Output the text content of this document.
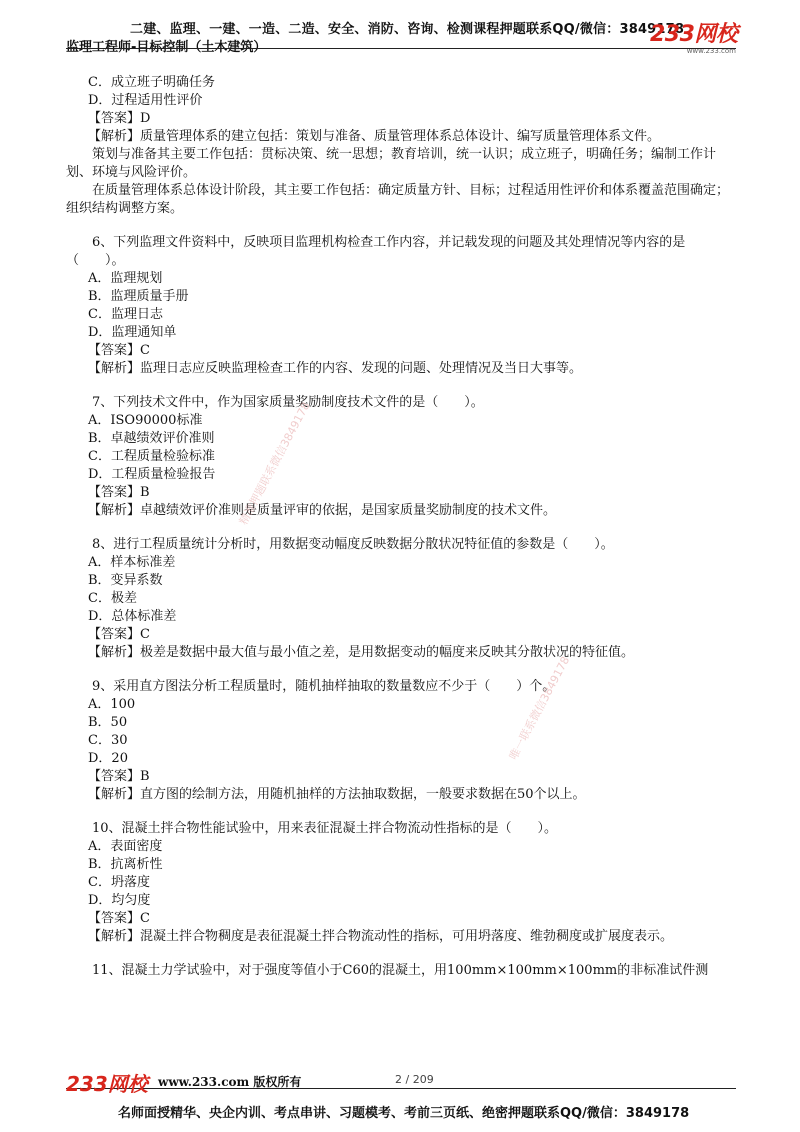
二建、监理、一建、一造、二造、安全、消防、咨询、检测课程押题联系QQ/微信：3849178
监理工程师-目标控制（土木建筑）
233网校
www.233.com

C．成立班子明确任务

D．过程适用性评价

【答案】D

【解析】质量管理体系的建立包括：策划与准备、质量管理体系总体设计、编写质量管理体系文件。

策划与准备其主要工作包括：贯标决策、统一思想；教育培训，统一认识；成立班子，明确任务；编制工作计划、环境与风险评价。

在质量管理体系总体设计阶段，其主要工作包括：确定质量方针、目标；过程适用性评价和体系覆盖范围确定；组织结构调整方案。

6、下列监理文件资料中，反映项目监理机构检查工作内容，并记载发现的问题及其处理情况等内容的是（　　）。

A．监理规划

B．监理质量手册

C．监理日志

D．监理通知单

【答案】C

【解析】监理日志应反映监理检查工作的内容、发现的问题、处理情况及当日大事等。

7、下列技术文件中，作为国家质量奖励制度技术文件的是（　　）。

A．ISO90000标准

B．卓越绩效评价准则

C．工程质量检验标准

D．工程质量检验报告

【答案】B

【解析】卓越绩效评价准则是质量评审的依据，是国家质量奖励制度的技术文件。

8、进行工程质量统计分析时，用数据变动幅度反映数据分散状况特征值的参数是（　　）。

A．样本标准差

B．变异系数

C．极差

D．总体标准差

【答案】C

【解析】极差是数据中最大值与最小值之差，是用数据变动的幅度来反映其分散状况的特征值。

9、采用直方图法分析工程质量时，随机抽样抽取的数量数应不少于（　　）个。

A．100

B．50

C．30

D．20

【答案】B

【解析】直方图的绘制方法，用随机抽样的方法抽取数据，一般要求数据在50个以上。

10、混凝土拌合物性能试验中，用来表征混凝土拌合物流动性指标的是（　　）。

A．表面密度

B．抗离析性

C．坍落度

D．均匀度

【答案】C

【解析】混凝土拌合物稠度是表征混凝土拌合物流动性的指标，可用坍落度、维勃稠度或扩展度表示。

11、混凝土力学试验中，对于强度等值小于C60的混凝土，用100mm×100mm×100mm的非标准试件测

精准押题联系微信3849178
唯一联系微信3849178
233网校 www.233.com 版权所有	2 / 209
名师面授精华、央企内训、考点串讲、习题模考、考前三页纸、绝密押题联系QQ/微信：3849178
